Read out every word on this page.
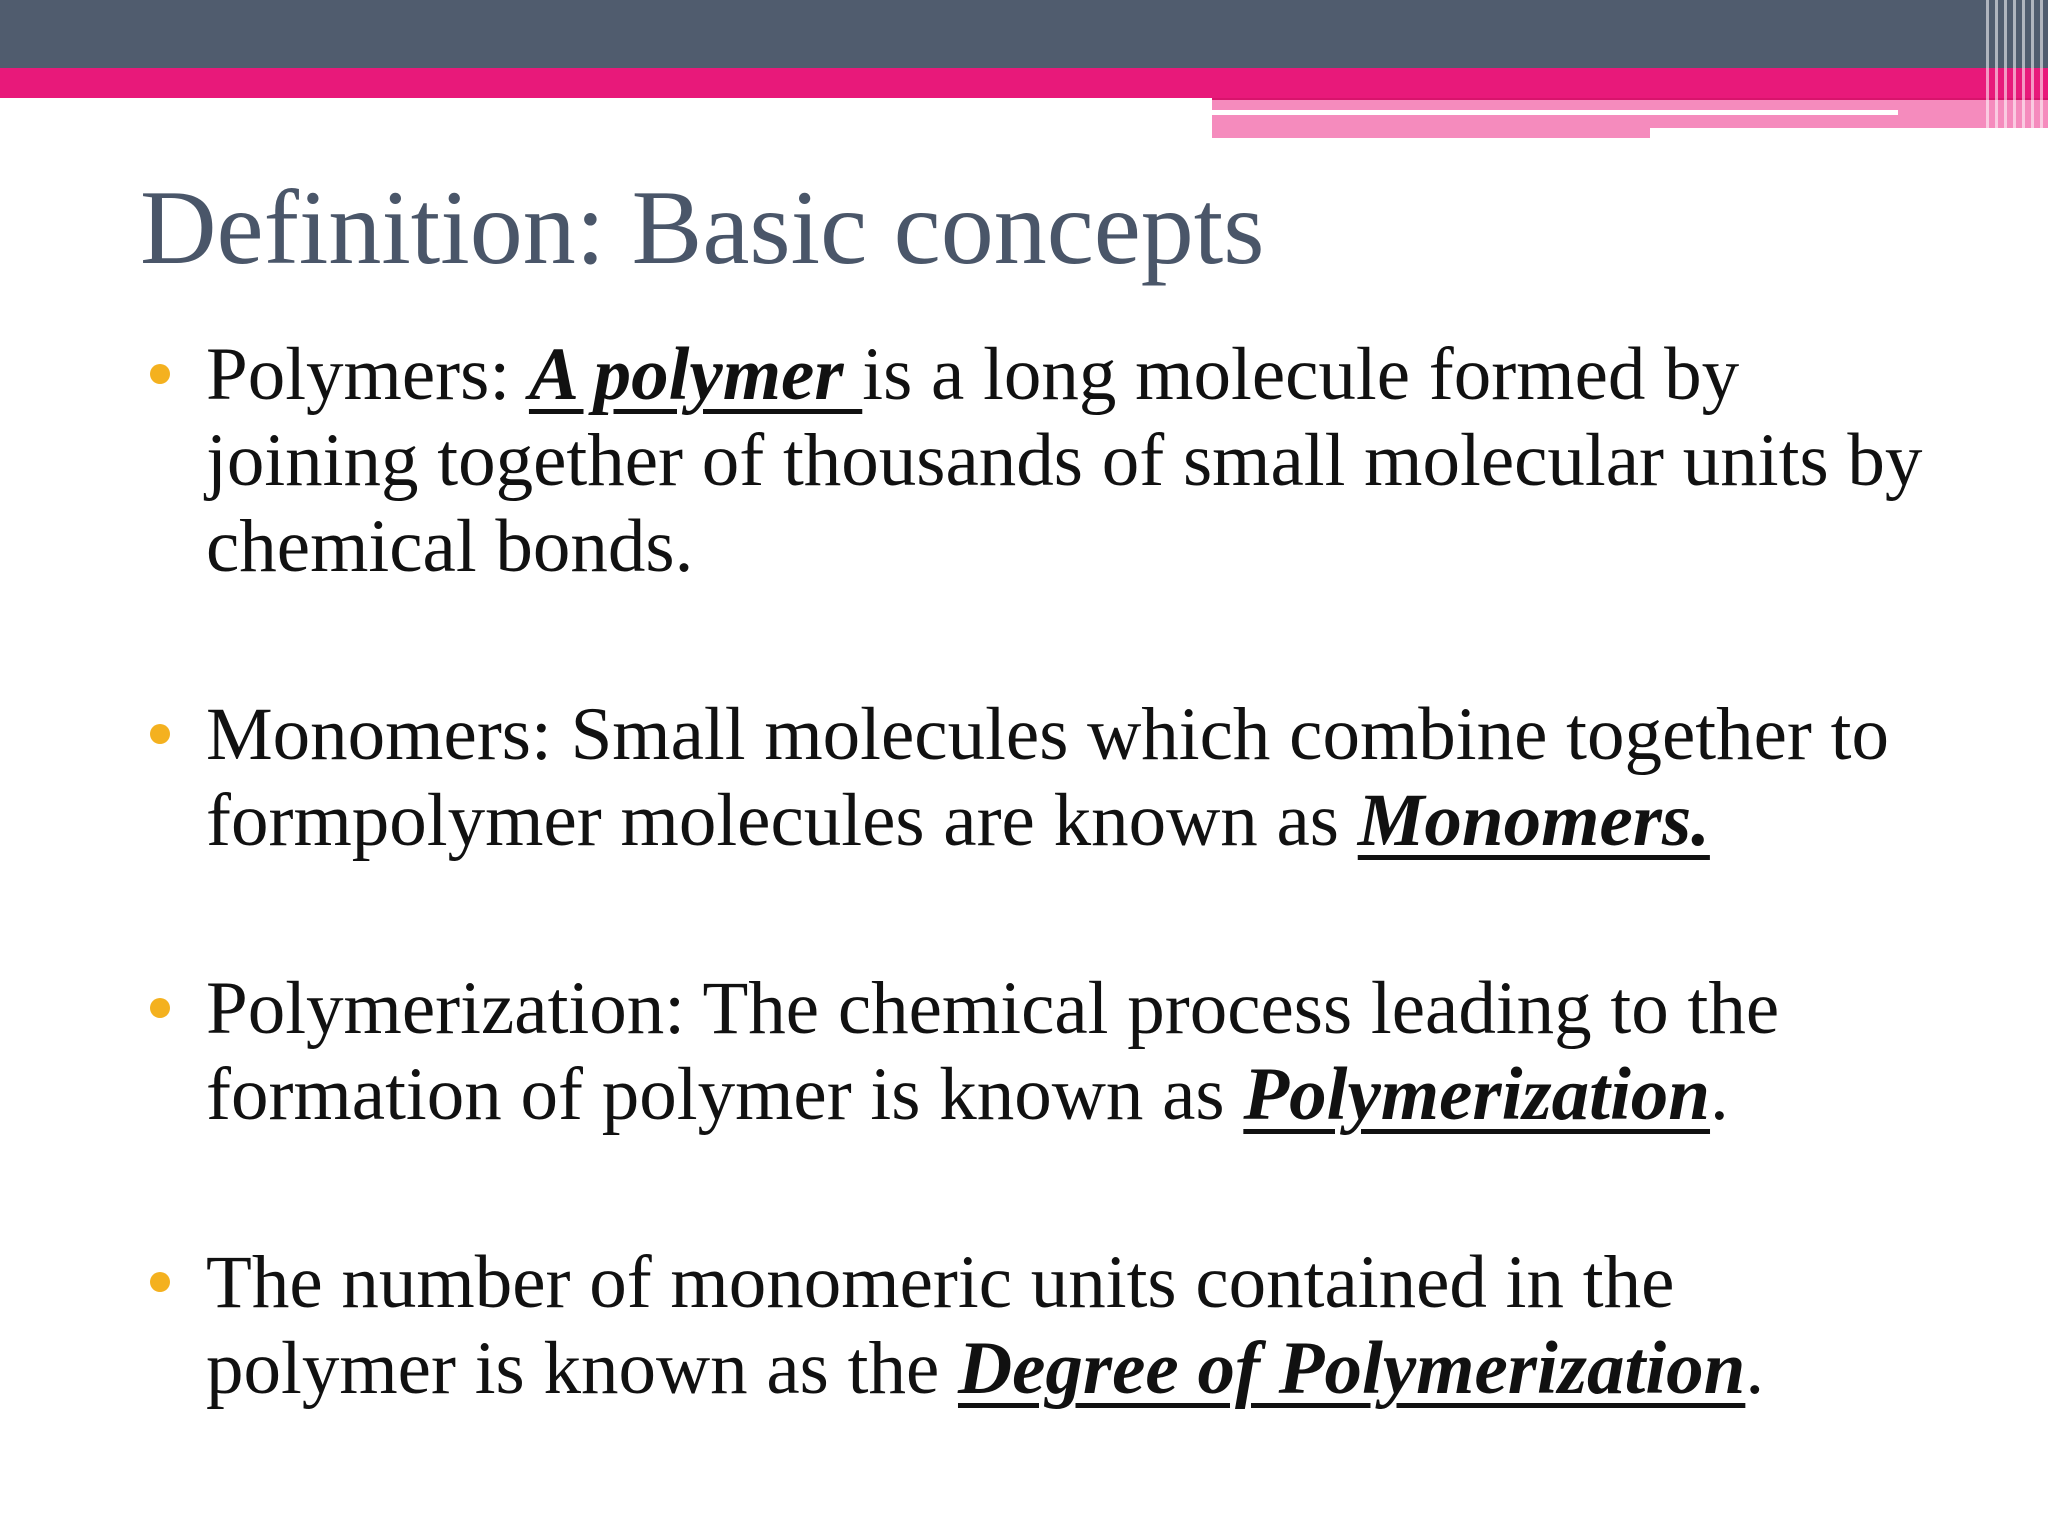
Definition: Basic concepts
Polymers: A polymer is a long molecule formed by joining together of thousands of small molecular units by chemical bonds.
Monomers: Small molecules which combine together to formpolymer molecules are known as Monomers.
Polymerization: The chemical process leading to the formation of polymer is known as Polymerization.
The number of monomeric units contained in the polymer is known as the Degree of Polymerization.
